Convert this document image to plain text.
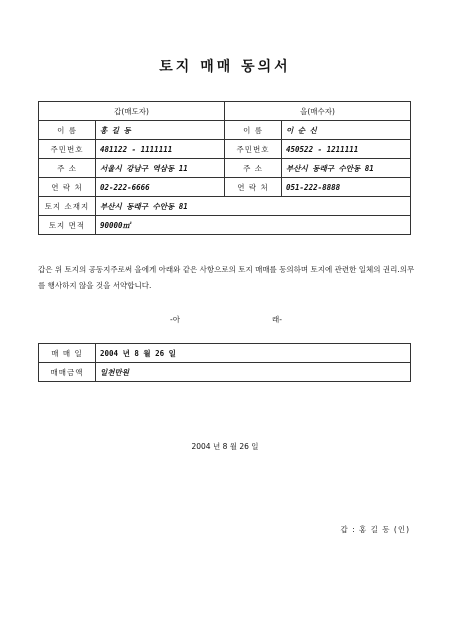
토지 매매 동의서
갑(매도자)		을(매수자)	
이 름	홍 길 동	이 름	이 순 신
주민번호	481122 - 1111111	주민번호	450522 - 1211111
주 소	서울시 강남구 역삼동 11	주 소	부산시 동래구 수안동 81
연 락 처	02-222-6666	연 락 처	051-222-8888
토지 소재지	부산시 동래구 수안동 81
토지 면적	90000㎡
갑은 위 토지의 공동지주로써 을에게 아래와 같은 사항으로의 토지 매매를 동의하며 토지에 관련한 일체의 권리.의무를 행사하지 않을 것을 서약합니다.
-아	래-
매 매 일	2004 년 8 월 26 일
매매금액	일천만원
2004 년 8 월 26 일
갑 : 홍 길 동 (인)
